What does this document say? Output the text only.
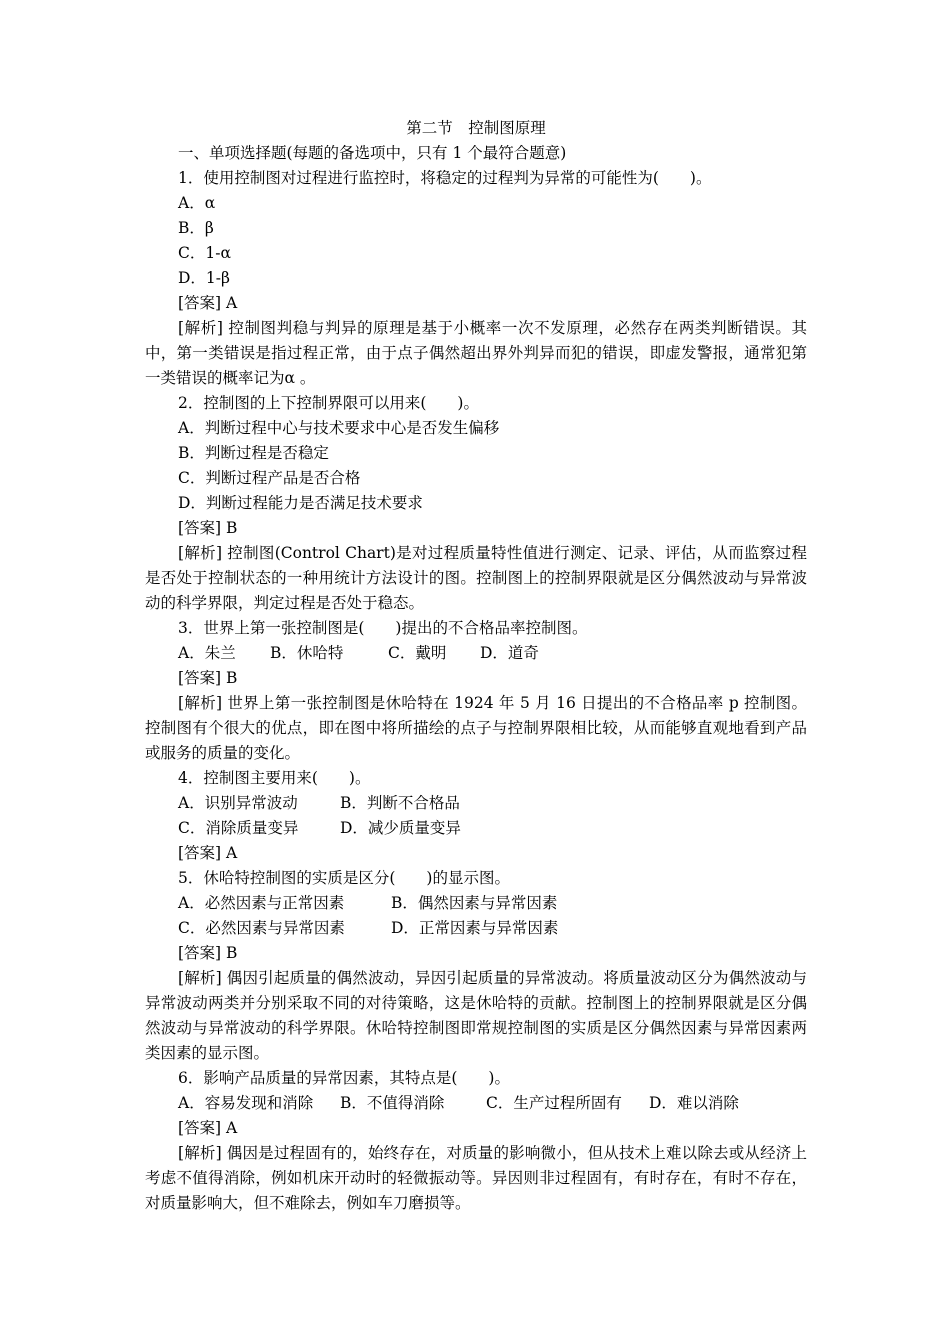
第二节　控制图原理

一、单项选择题(每题的备选项中，只有 1 个最符合题意)

1．使用控制图对过程进行监控时，将稳定的过程判为异常的可能性为(　　)。

A．α

B．β

C．1-α

D．1-β

[答案] A

[解析] 控制图判稳与判异的原理是基于小概率一次不发原理，必然存在两类判断错误。其中，第一类错误是指过程正常，由于点子偶然超出界外判异而犯的错误，即虚发警报，通常犯第一类错误的概率记为α 。

2．控制图的上下控制界限可以用来(　　)。

A．判断过程中心与技术要求中心是否发生偏移

B．判断过程是否稳定

C．判断过程产品是否合格

D．判断过程能力是否满足技术要求

[答案] B

[解析] 控制图(Control Chart)是对过程质量特性值进行测定、记录、评估，从而监察过程是否处于控制状态的一种用统计方法设计的图。控制图上的控制界限就是区分偶然波动与异常波动的科学界限，判定过程是否处于稳态。

3．世界上第一张控制图是(　　)提出的不合格品率控制图。

A．朱兰	B．休哈特	C．戴明	D．道奇

[答案] B

[解析] 世界上第一张控制图是休哈特在 1924 年 5 月 16 日提出的不合格品率 p 控制图。控制图有个很大的优点，即在图中将所描绘的点子与控制界限相比较，从而能够直观地看到产品或服务的质量的变化。

4．控制图主要用来(　　)。

A．识别异常波动	B．判断不合格品
C．消除质量变异	D．减少质量变异

[答案] A

5．休哈特控制图的实质是区分(　　)的显示图。

A．必然因素与正常因素	B．偶然因素与异常因素
C．必然因素与异常因素	D．正常因素与异常因素

[答案] B

[解析] 偶因引起质量的偶然波动，异因引起质量的异常波动。将质量波动区分为偶然波动与异常波动两类并分别采取不同的对待策略，这是休哈特的贡献。控制图上的控制界限就是区分偶然波动与异常波动的科学界限。休哈特控制图即常规控制图的实质是区分偶然因素与异常因素两类因素的显示图。

6．影响产品质量的异常因素，其特点是(　　)。

A．容易发现和消除	B．不值得消除	C．生产过程所固有	D．难以消除

[答案] A

[解析] 偶因是过程固有的，始终存在，对质量的影响微小，但从技术上难以除去或从经济上考虑不值得消除，例如机床开动时的轻微振动等。异因则非过程固有，有时存在，有时不存在，对质量影响大，但不难除去，例如车刀磨损等。
